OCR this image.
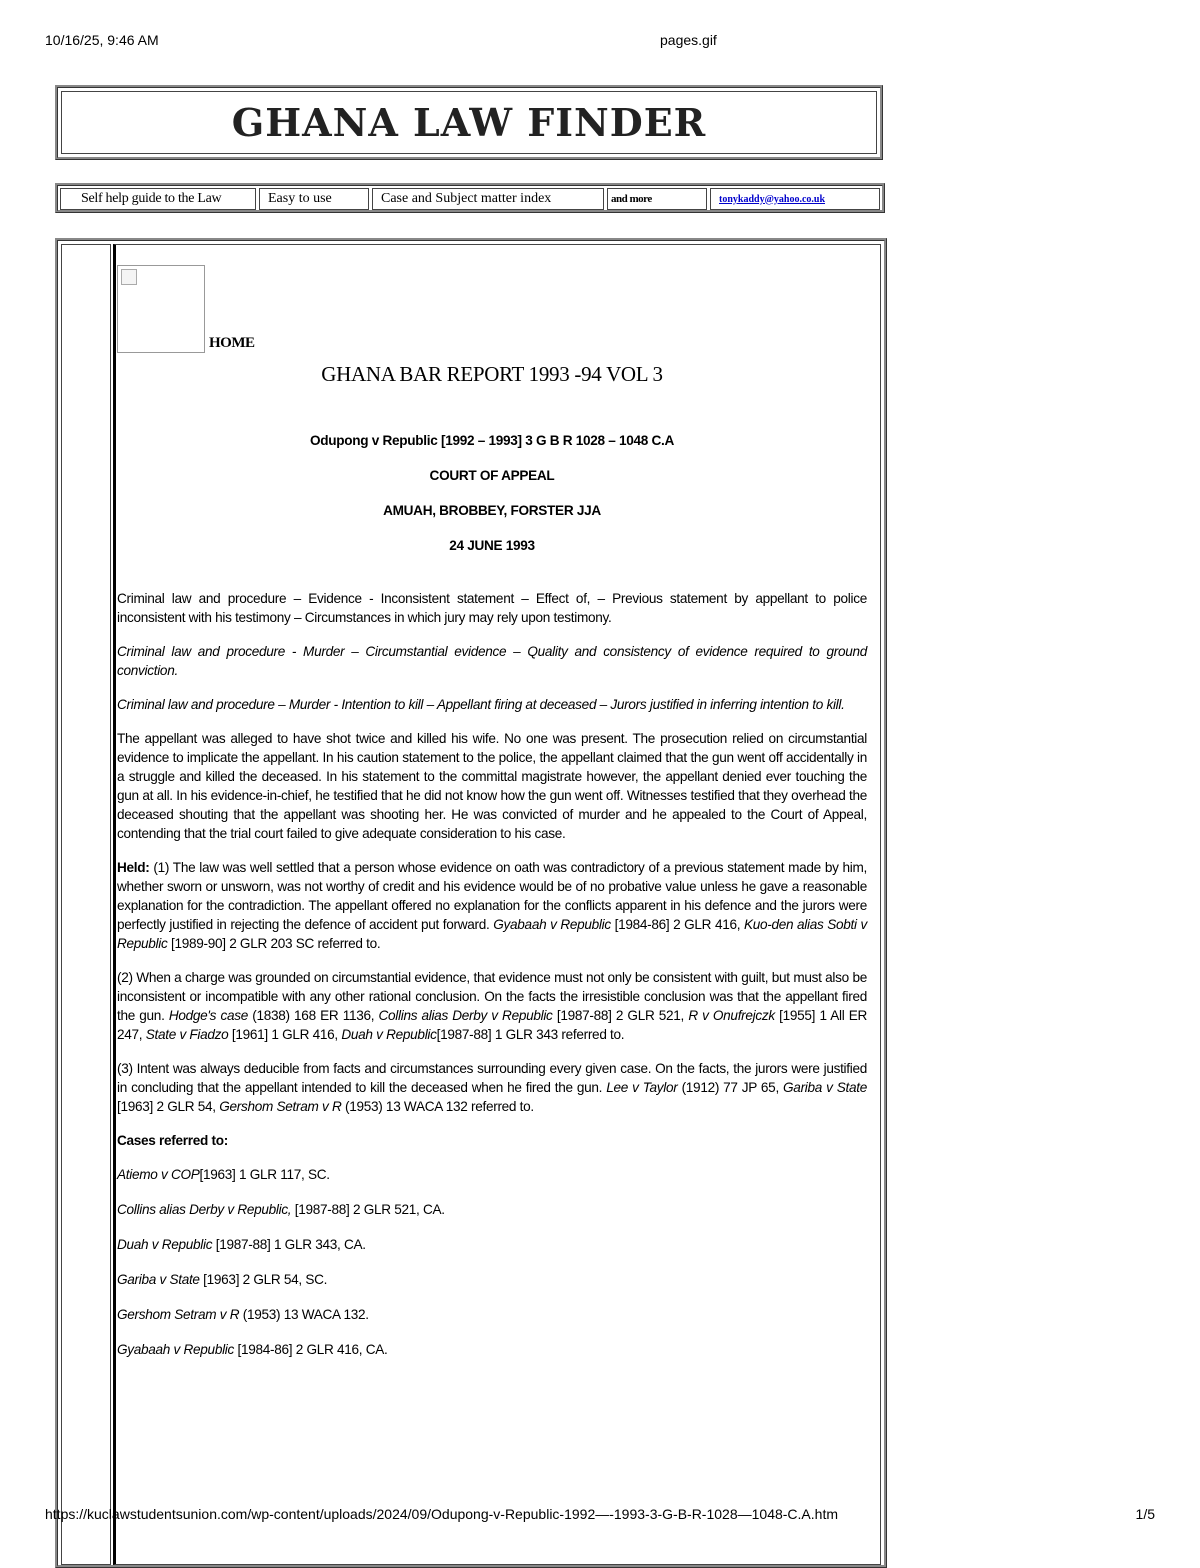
10/16/25, 9:46 AM	pages.gif
GHANA LAW FINDER
Self help guide to the Law	Easy to use	Case and Subject matter index	and more	tonykaddy@yahoo.co.uk
HOME
GHANA BAR REPORT 1993 -94 VOL 3
Odupong v Republic [1992 – 1993] 3 G B R 1028 – 1048 C.A
COURT OF APPEAL
AMUAH, BROBBEY, FORSTER JJA
24 JUNE 1993

Criminal law and procedure – Evidence - Inconsistent statement – Effect of, – Previous statement by appellant to police inconsistent with his testimony – Circumstances in which jury may rely upon testimony.

Criminal law and procedure - Murder – Circumstantial evidence – Quality and consistency of evidence required to ground conviction.

Criminal law and procedure – Murder - Intention to kill – Appellant firing at deceased – Jurors justified in inferring intention to kill.

The appellant was alleged to have shot twice and killed his wife. No one was present. The prosecution relied on circumstantial evidence to implicate the appellant. In his caution statement to the police, the appellant claimed that the gun went off accidentally in a struggle and killed the deceased. In his statement to the committal magistrate however, the appellant denied ever touching the gun at all. In his evidence-in-chief, he testified that he did not know how the gun went off. Witnesses testified that they overhead the deceased shouting that the appellant was shooting her. He was convicted of murder and he appealed to the Court of Appeal, contending that the trial court failed to give adequate consideration to his case.

Held: (1) The law was well settled that a person whose evidence on oath was contradictory of a previous statement made by him, whether sworn or unsworn, was not worthy of credit and his evidence would be of no probative value unless he gave a reasonable explanation for the contradiction. The appellant offered no explanation for the conflicts apparent in his defence and the jurors were perfectly justified in rejecting the defence of accident put forward. Gyabaah v Republic [1984-86] 2 GLR 416, Kuo-den alias Sobti v Republic [1989-90] 2 GLR 203 SC referred to.

(2) When a charge was grounded on circumstantial evidence, that evidence must not only be consistent with guilt, but must also be inconsistent or incompatible with any other rational conclusion. On the facts the irresistible conclusion was that the appellant fired the gun. Hodge's case (1838) 168 ER 1136, Collins alias Derby v Republic [1987-88] 2 GLR 521, R v Onufrejczk [1955] 1 All ER 247, State v Fiadzo [1961] 1 GLR 416, Duah v Republic[1987-88] 1 GLR 343 referred to.

(3) Intent was always deducible from facts and circumstances surrounding every given case. On the facts, the jurors were justified in concluding that the appellant intended to kill the deceased when he fired the gun. Lee v Taylor (1912) 77 JP 65, Gariba v State [1963] 2 GLR 54, Gershom Setram v R (1953) 13 WACA 132 referred to.

Cases referred to:

Atiemo v COP[1963] 1 GLR 117, SC.

Collins alias Derby v Republic, [1987-88] 2 GLR 521, CA.

Duah v Republic [1987-88] 1 GLR 343, CA.

Gariba v State [1963] 2 GLR 54, SC.

Gershom Setram v R (1953) 13 WACA 132.

Gyabaah v Republic [1984-86] 2 GLR 416, CA.

https://kuclawstudentsunion.com/wp-content/uploads/2024/09/Odupong-v-Republic-1992—-1993-3-G-B-R-1028—1048-C.A.htm	1/5
